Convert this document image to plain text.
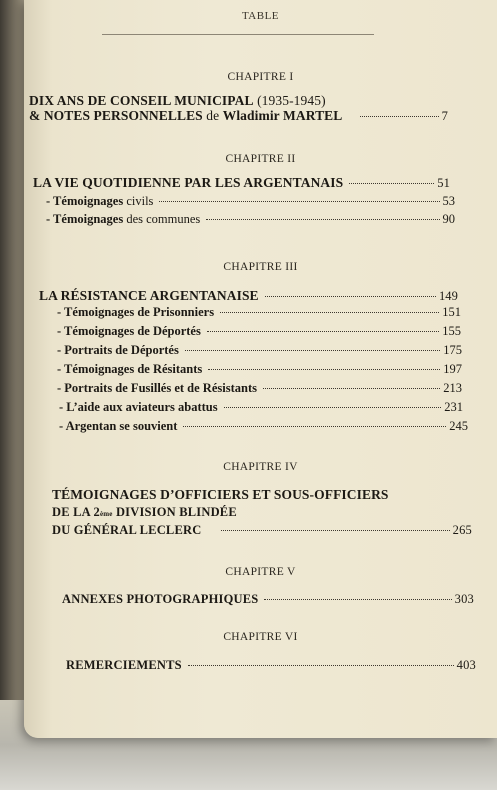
TABLE
CHAPITRE I
DIX ANS DE CONSEIL MUNICIPAL
(1935-1945)
& NOTES PERSONNELLES
de
Wladimir MARTEL	7
CHAPITRE II
LA VIE QUOTIDIENNE PAR LES ARGENTANAIS	51
- Témoignages
civils	53
- Témoignages
des communes	90
CHAPITRE III
LA RÉSISTANCE ARGENTANAISE	149
- Témoignages de Prisonniers	151
- Témoignages de Déportés	155
- Portraits de Déportés	175
- Témoignages de Résitants	197
- Portraits de Fusillés et de Résistants	213
- L’aide aux aviateurs abattus	231
- Argentan se souvient	245
CHAPITRE IV
TÉMOIGNAGES D’OFFICIERS ET SOUS-OFFICIERS
DE LA 2 ème
DIVISION BLINDÉE
DU GÉNÉRAL LECLERC	265
CHAPITRE V
ANNEXES PHOTOGRAPHIQUES	303
CHAPITRE VI
REMERCIEMENTS	403
